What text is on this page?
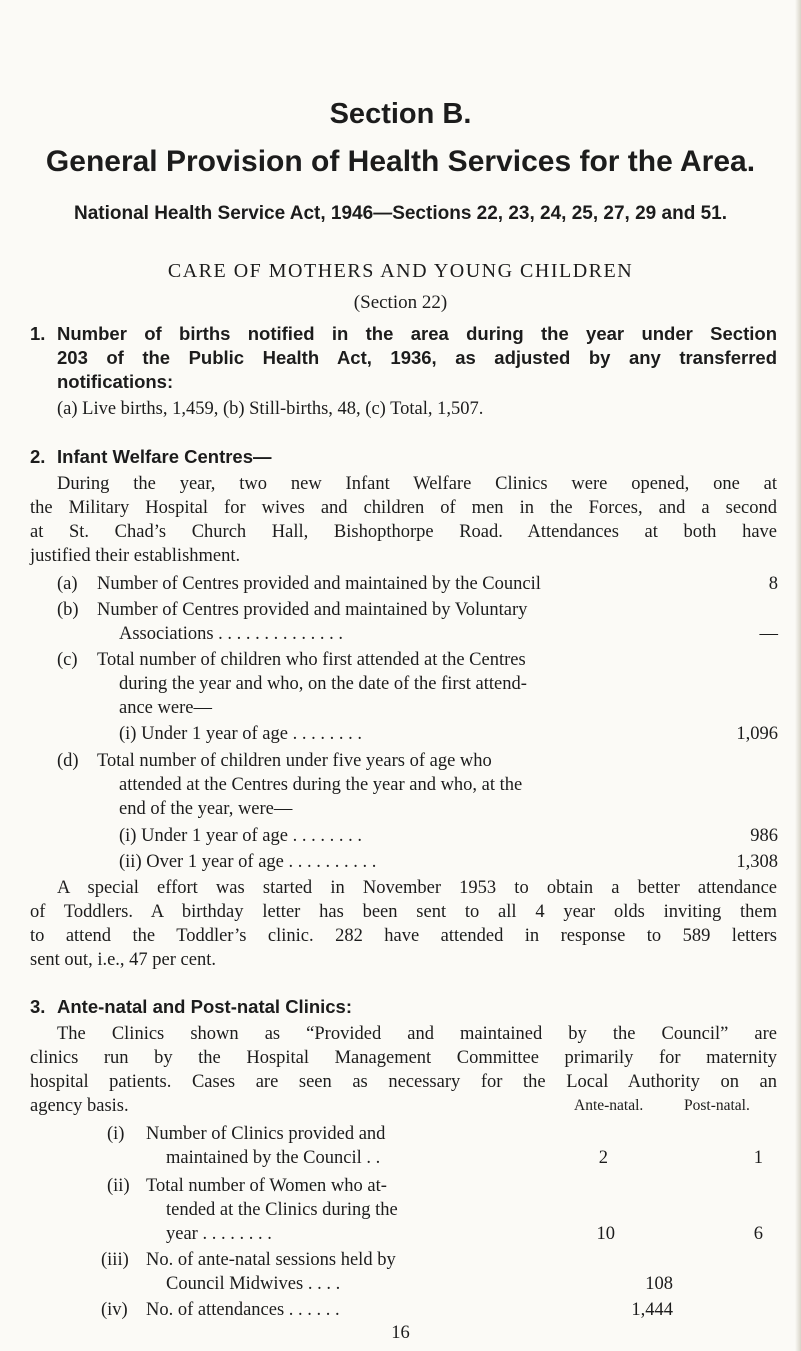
Section B.
General Provision of Health Services for the Area.
National Health Service Act, 1946—Sections 22, 23, 24, 25, 27, 29 and 51.
CARE OF MOTHERS AND YOUNG CHILDREN
(Section 22)
1. Number of births notified in the area during the year under Section
203 of the Public Health Act, 1936, as adjusted by any transferred
notifications:
(a) Live births, 1,459, (b) Still-births, 48, (c) Total, 1,507.
2. Infant Welfare Centres—
During the year, two new Infant Welfare Clinics were opened, one at
the Military Hospital for wives and children of men in the Forces, and a second
at St. Chad’s Church Hall, Bishopthorpe Road. Attendances at both have
justified their establishment.
(a) Number of Centres provided and maintained by the Council	8
(b) Number of Centres provided and maintained by Voluntary
Associations . . . . . . . . . . . . . .	—
(c) Total number of children who first attended at the Centres
during the year and who, on the date of the first attend-
ance were—
(i) Under 1 year of age . . . . . . . .	1,096
(d) Total number of children under five years of age who
attended at the Centres during the year and who, at the
end of the year, were—
(i) Under 1 year of age . . . . . . . .	986
(ii) Over 1 year of age . . . . . . . . . .	1,308
A special effort was started in November 1953 to obtain a better attendance
of Toddlers. A birthday letter has been sent to all 4 year olds inviting them
to attend the Toddler’s clinic. 282 have attended in response to 589 letters
sent out, i.e., 47 per cent.
3. Ante-natal and Post-natal Clinics:
The Clinics shown as “Provided and maintained by the Council” are
clinics run by the Hospital Management Committee primarily for maternity
hospital patients. Cases are seen as necessary for the Local Authority on an
agency basis.	Ante-natal.	Post-natal.
(i) Number of Clinics provided and
maintained by the Council . .	2	1
(ii) Total number of Women who at-
tended at the Clinics during the
year . . . . . . . .	10	6
(iii) No. of ante-natal sessions held by
Council Midwives . . . .	108
(iv) No. of attendances . . . . . .	1,444
16
